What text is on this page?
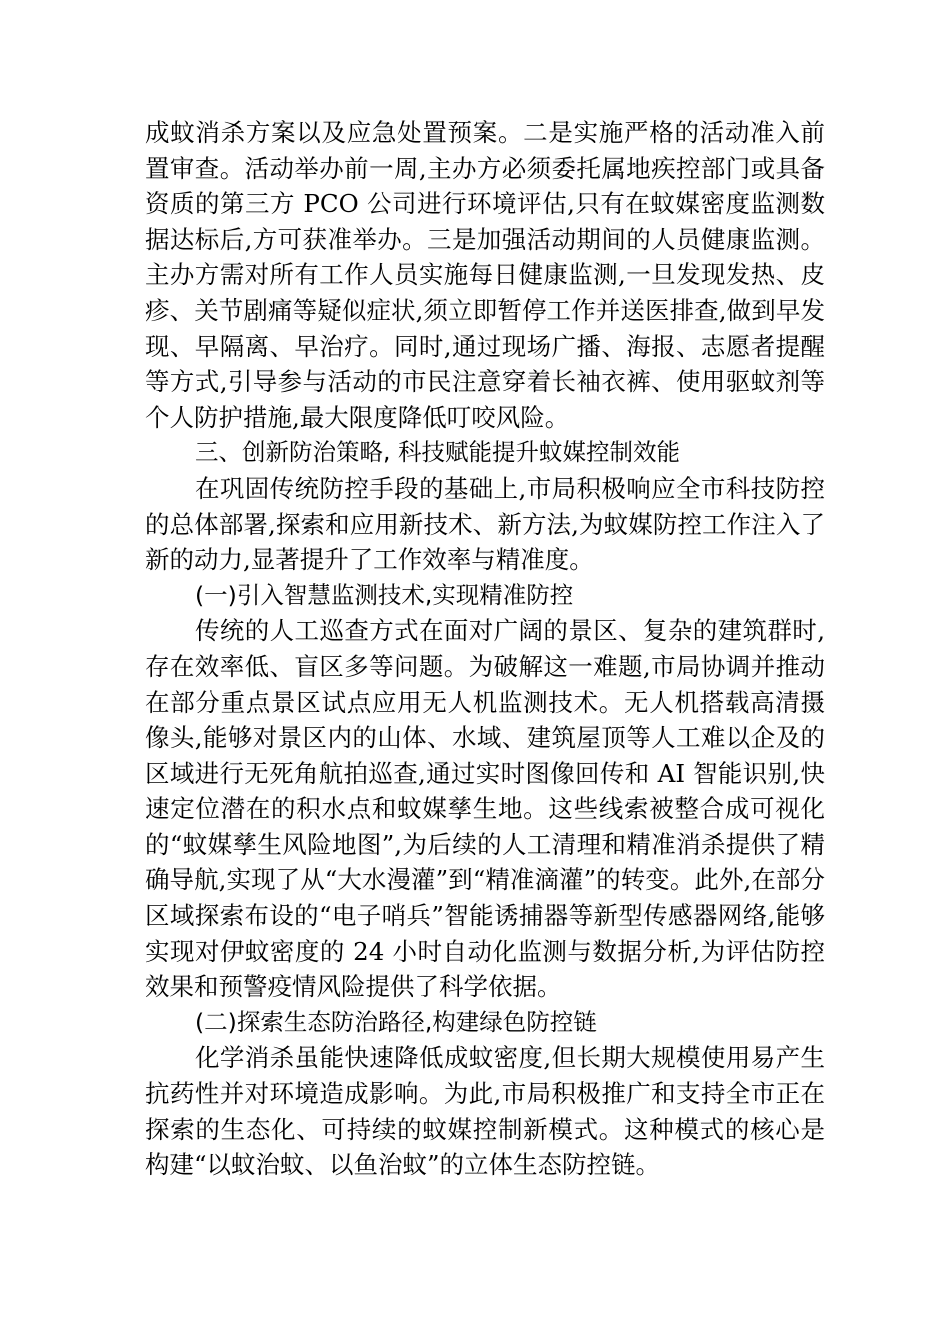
成蚊消杀方案以及应急处置预案。二是实施严格的活动准入前置审查。活动举办前一周,主办方必须委托属地疾控部门或具备资质的第三方 PCO 公司进行环境评估,只有在蚊媒密度监测数据达标后,方可获准举办。三是加强活动期间的人员健康监测。主办方需对所有工作人员实施每日健康监测,一旦发现发热、皮疹、关节剧痛等疑似症状,须立即暂停工作并送医排查,做到早发现、早隔离、早治疗。同时,通过现场广播、海报、志愿者提醒等方式,引导参与活动的市民注意穿着长袖衣裤、使用驱蚊剂等个人防护措施,最大限度降低叮咬风险。

三、创新防治策略, 科技赋能提升蚊媒控制效能

在巩固传统防控手段的基础上,市局积极响应全市科技防控的总体部署,探索和应用新技术、新方法,为蚊媒防控工作注入了新的动力,显著提升了工作效率与精准度。

(一)引入智慧监测技术,实现精准防控

传统的人工巡查方式在面对广阔的景区、复杂的建筑群时,存在效率低、盲区多等问题。为破解这一难题,市局协调并推动在部分重点景区试点应用无人机监测技术。无人机搭载高清摄像头,能够对景区内的山体、水域、建筑屋顶等人工难以企及的区域进行无死角航拍巡查,通过实时图像回传和 AI 智能识别,快速定位潜在的积水点和蚊媒孳生地。这些线索被整合成可视化的“蚊媒孳生风险地图”,为后续的人工清理和精准消杀提供了精确导航,实现了从“大水漫灌”到“精准滴灌”的转变。此外,在部分区域探索布设的“电子哨兵”智能诱捕器等新型传感器网络,能够实现对伊蚊密度的 24 小时自动化监测与数据分析,为评估防控效果和预警疫情风险提供了科学依据。

(二)探索生态防治路径,构建绿色防控链

化学消杀虽能快速降低成蚊密度,但长期大规模使用易产生抗药性并对环境造成影响。为此,市局积极推广和支持全市正在探索的生态化、可持续的蚊媒控制新模式。这种模式的核心是构建“以蚊治蚊、以鱼治蚊”的立体生态防控链。
